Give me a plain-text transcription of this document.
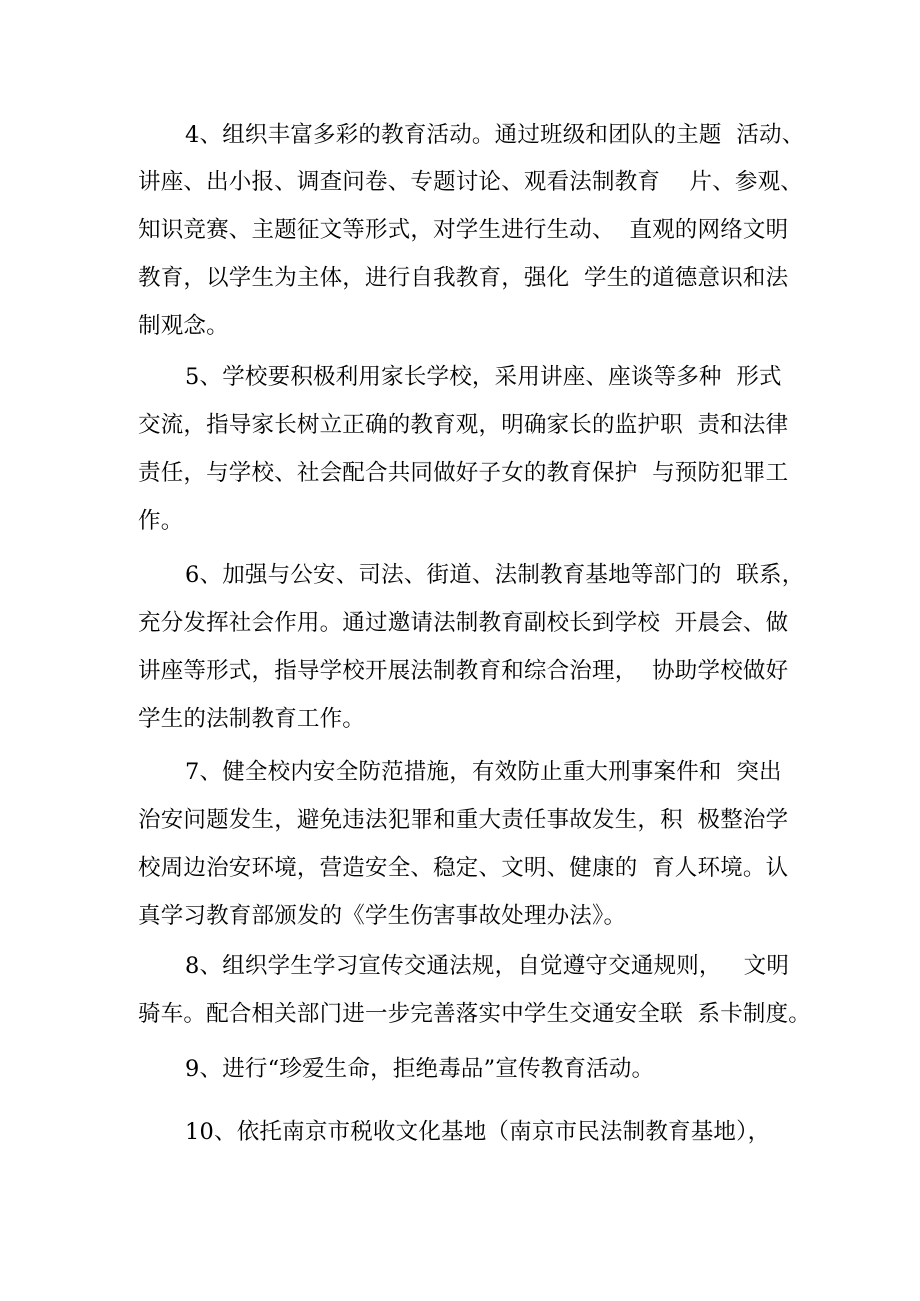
4、组织丰富多彩的教育活动。通过班级和团队的主题  活动、
讲座、出小报、调查问卷、专题讨论、观看法制教育    片、参观、
知识竞赛、主题征文等形式，对学生进行生动、  直观的网络文明
教育，以学生为主体，进行自我教育，强化  学生的道德意识和法
制观念。
5、学校要积极利用家长学校，采用讲座、座谈等多种  形式
交流，指导家长树立正确的教育观，明确家长的监护职  责和法律
责任，与学校、社会配合共同做好子女的教育保护  与预防犯罪工
作。
6、加强与公安、司法、街道、法制教育基地等部门的  联系，
充分发挥社会作用。通过邀请法制教育副校长到学校  开晨会、做
讲座等形式，指导学校开展法制教育和综合治理，  协助学校做好
学生的法制教育工作。
7、健全校内安全防范措施，有效防止重大刑事案件和  突出
治安问题发生，避免违法犯罪和重大责任事故发生，积  极整治学
校周边治安环境，营造安全、稳定、文明、健康的  育人环境。认
真学习教育部颁发的《学生伤害事故处理办法》。
8、组织学生学习宣传交通法规，自觉遵守交通规则，   文明
骑车。配合相关部门进一步完善落实中学生交通安全联  系卡制度。
9、进行“珍爱生命，拒绝毒品”宣传教育活动。
10、依托南京市税收文化基地（南京市民法制教育基地），
